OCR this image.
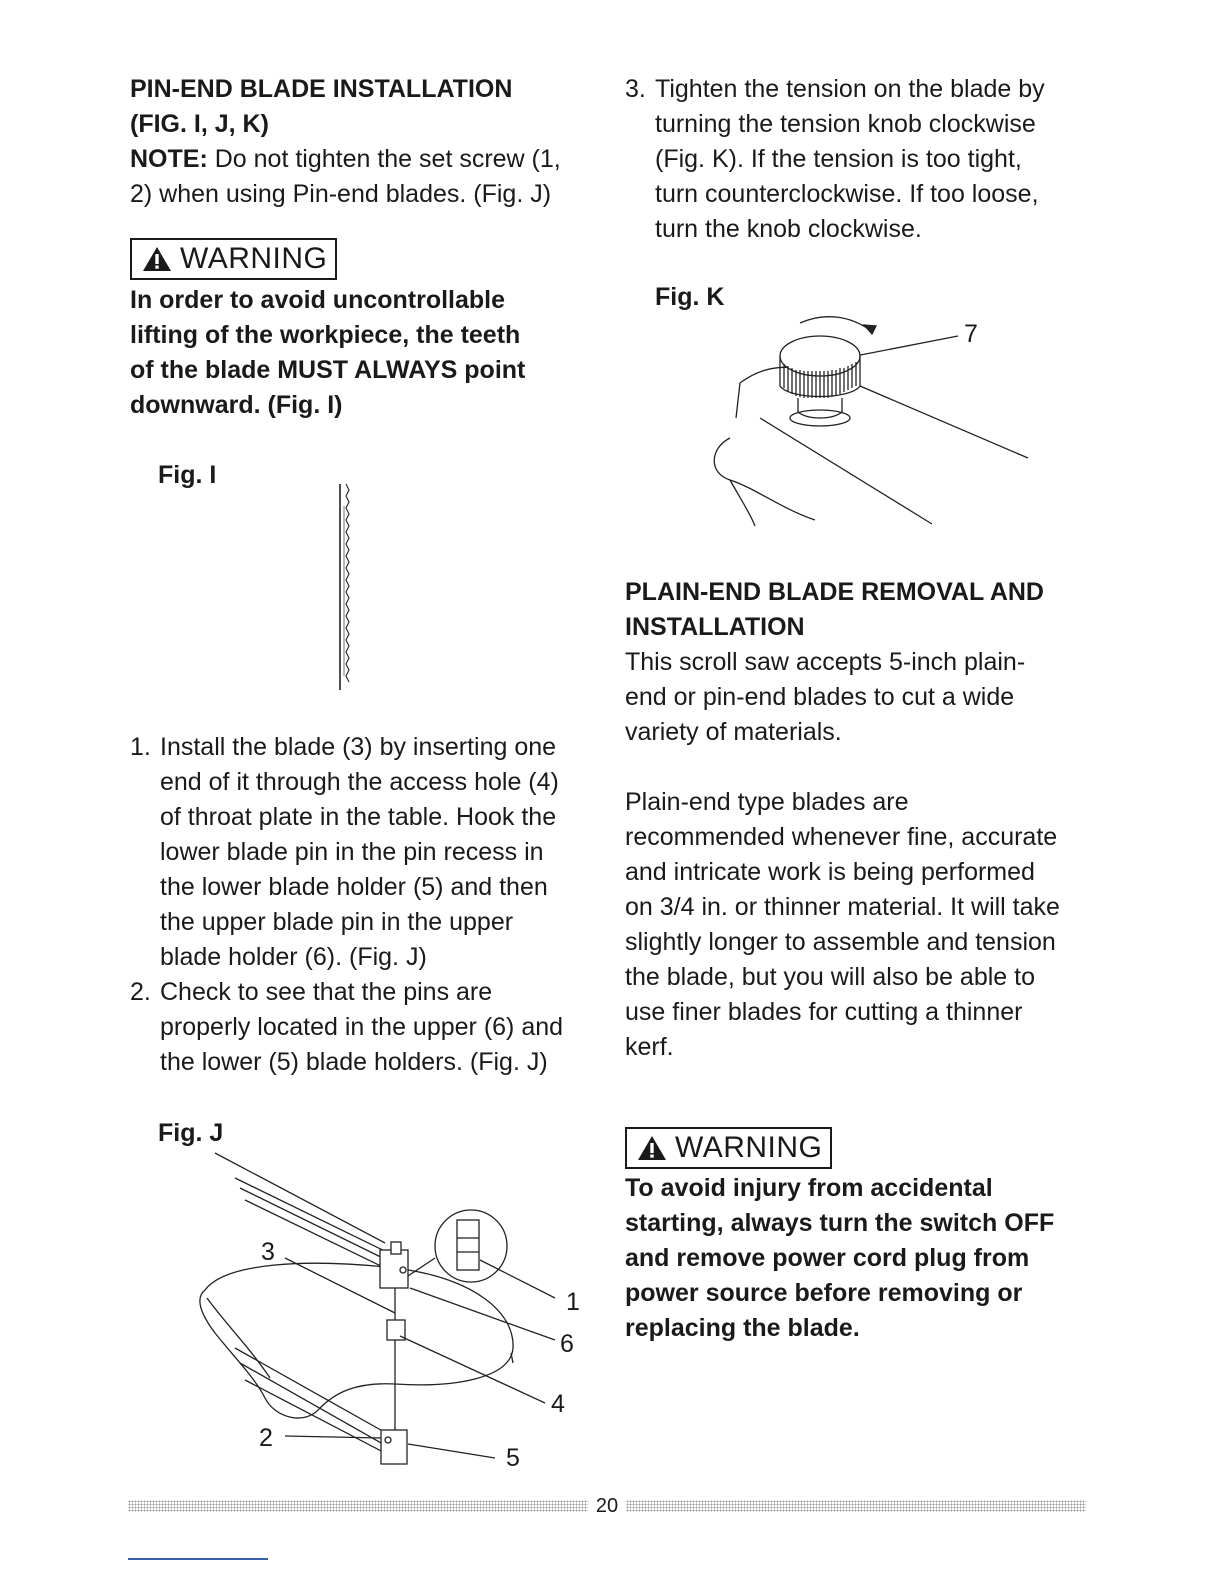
PIN-END BLADE INSTALLATION

(FIG. I, J, K)

NOTE: Do not tighten the set screw (1,

2) when using Pin-end blades. (Fig. J)

WARNING

In order to avoid uncontrollable

lifting of the workpiece, the teeth

of the blade MUST ALWAYS point

downward. (Fig. I)

Fig. I
1. Install the blade (3) by inserting one
end of it through the access hole (4)
of throat plate in the table. Hook the
lower blade pin in the pin recess in
the lower blade holder (5) and then
the upper blade pin in the upper
blade holder (6). (Fig. J)
2. Check to see that the pins are
properly located in the upper (6) and
the lower (5) blade holders. (Fig. J)
Fig. J
3
1
6
4
2
5
3. Tighten the tension on the blade by
turning the tension knob clockwise
(Fig. K). If the tension is too tight,
turn counterclockwise. If too loose,
turn the knob clockwise.
Fig. K
7

PLAIN-END BLADE REMOVAL AND

INSTALLATION

This scroll saw accepts 5-inch plain-

end or pin-end blades to cut a wide

variety of materials.

Plain-end type blades are

recommended whenever fine, accurate

and intricate work is being performed

on 3/4 in. or thinner material. It will take

slightly longer to assemble and tension

the blade, but you will also be able to

use finer blades for cutting a thinner

kerf.

WARNING

To avoid injury from accidental

starting, always turn the switch OFF

and remove power cord plug from

power source before removing or

replacing the blade.

20
